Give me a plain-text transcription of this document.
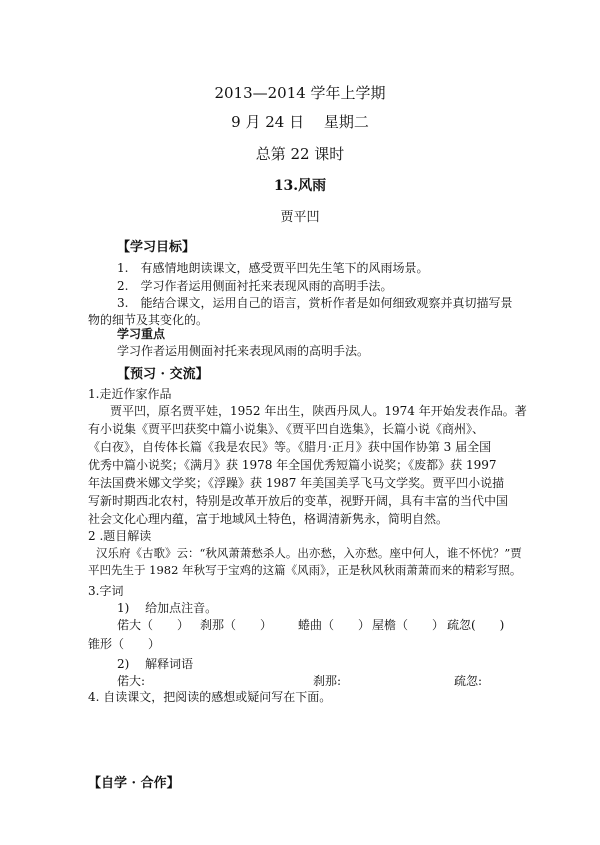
2013—2014 学年上学期
9 月 24 日　 星期二
总第 22 课时
13.风雨
贾平凹
【学习目标】
1.　有感情地朗读课文，感受贾平凹先生笔下的风雨场景。
2.　学习作者运用侧面衬托来表现风雨的高明手法。
3.　能结合课文，运用自己的语言，赏析作者是如何细致观察并真切描写景
物的细节及其变化的。
学习重点
学习作者运用侧面衬托来表现风雨的高明手法。
【预习 · 交流】
1.走近作家作品
贾平凹，原名贾平娃，1952 年出生，陕西丹凤人。1974 年开始发表作品。著
有小说集《贾平凹获奖中篇小说集》、《贾平凹自选集》，长篇小说《商州》、
《白夜》，自传体长篇《我是农民》等。《腊月·正月》获中国作协第 3 届全国
优秀中篇小说奖；《满月》获 1978 年全国优秀短篇小说奖；《废都》获 1997
年法国费米娜文学奖；《浮躁》获 1987 年美国美孚飞马文学奖。贾平凹小说描
写新时期西北农村，特别是改革开放后的变革，视野开阔，具有丰富的当代中国
社会文化心理内蕴，富于地域风土特色，格调清新隽永，简明自然。
2 .题目解读
汉乐府《古歌》云：“秋风萧萧愁杀人。出亦愁，入亦愁。座中何人，谁不怀忧？”贾
平凹先生于 1982 年秋写于宝鸡的这篇《风雨》，正是秋风秋雨萧萧而来的精彩写照。
3.字词
1)　 给加点注音。
偌大（　　） 刹那（　　） 蜷曲（　　） 屋檐（　　） 疏忽(　　)
锥形（　　）
2)　 解释词语
偌大:	刹那:	疏忽:
4. 自读课文，把阅读的感想或疑问写在下面。
【自学 · 合作】
